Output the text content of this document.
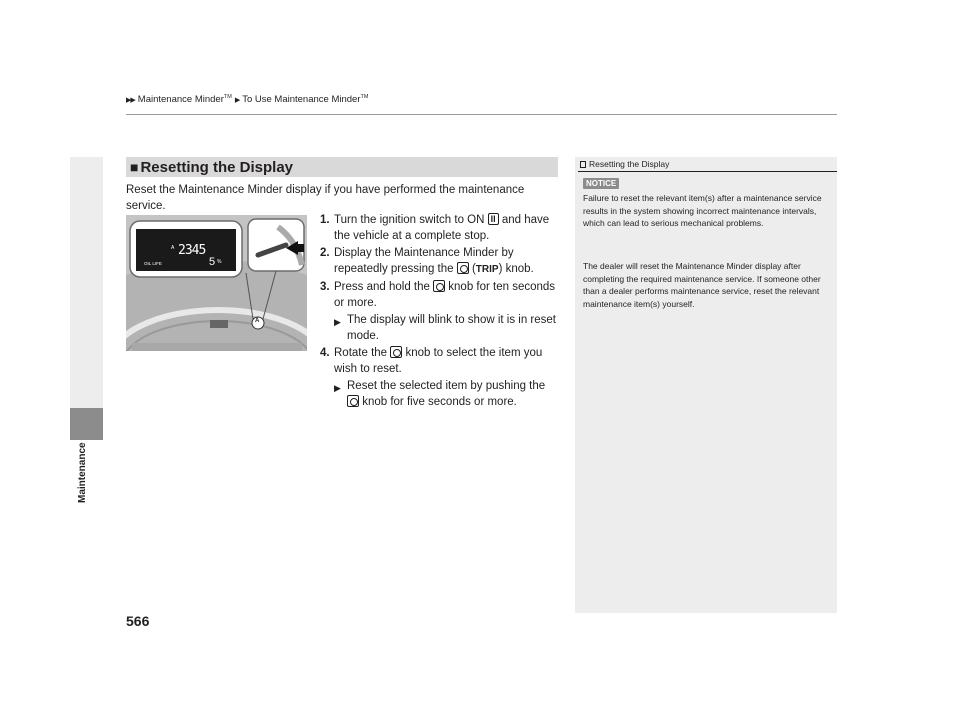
▶▶ Maintenance Minder™ ▶ To Use Maintenance Minder™
Maintenance
566
■ Resetting the Display
Reset the Maintenance Minder display if you have performed the maintenance service.
A 2345
OIL LIFE	5 %
A
1. Turn the ignition switch to ON II and have the vehicle at a complete stop.
2. Display the Maintenance Minder by repeatedly pressing the  (TRIP) knob.
3. Press and hold the  knob for ten seconds or more.
▶ The display will blink to show it is in reset mode.
4. Rotate the  knob to select the item you wish to reset.
▶ Reset the selected item by pushing the  knob for five seconds or more.
Resetting the Display
NOTICE
Failure to reset the relevant item(s) after a maintenance service results in the system showing incorrect maintenance intervals, which can lead to serious mechanical problems.
The dealer will reset the Maintenance Minder display after completing the required maintenance service. If someone other than a dealer performs maintenance service, reset the relevant maintenance item(s) yourself.
